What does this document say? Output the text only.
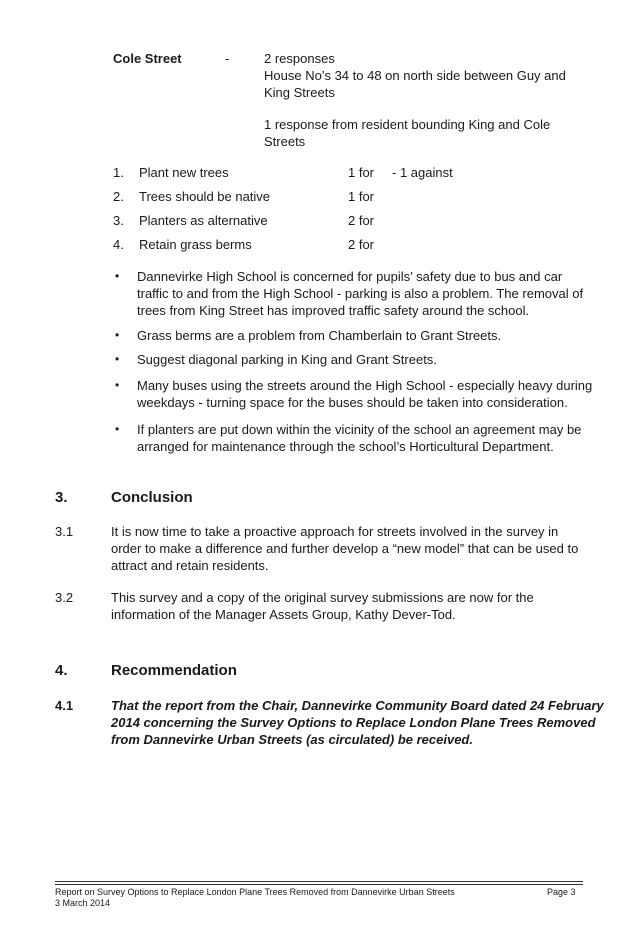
Cole Street	-	2 responses
House No’s 34 to 48 on north side between Guy and
King Streets
1 response from resident bounding King and Cole
Streets
1. Plant new trees	1 for - 1 against
2. Trees should be native	1 for
3. Planters as alternative	2 for
4. Retain grass berms	2 for
• Dannevirke High School is concerned for pupils’ safety due to bus and car
traffic to and from the High School - parking is also a problem. The removal of
trees from King Street has improved traffic safety around the school.
• Grass berms are a problem from Chamberlain to Grant Streets.
• Suggest diagonal parking in King and Grant Streets.
• Many buses using the streets around the High School - especially heavy during
weekdays - turning space for the buses should be taken into consideration.
• If planters are put down within the vicinity of the school an agreement may be
arranged for maintenance through the school’s Horticultural Department.
3.	Conclusion
3.1	It is now time to take a proactive approach for streets involved in the survey in
order to make a difference and further develop a “new model” that can be used to
attract and retain residents.
3.2	This survey and a copy of the original survey submissions are now for the
information of the Manager Assets Group, Kathy Dever-Tod.
4.	Recommendation
4.1	That the report from the Chair, Dannevirke Community Board dated 24 February
2014 concerning the Survey Options to Replace London Plane Trees Removed
from Dannevirke Urban Streets (as circulated) be received.
Report on Survey Options to Replace London Plane Trees Removed from Dannevirke Urban Streets
3 March 2014
Page 3
